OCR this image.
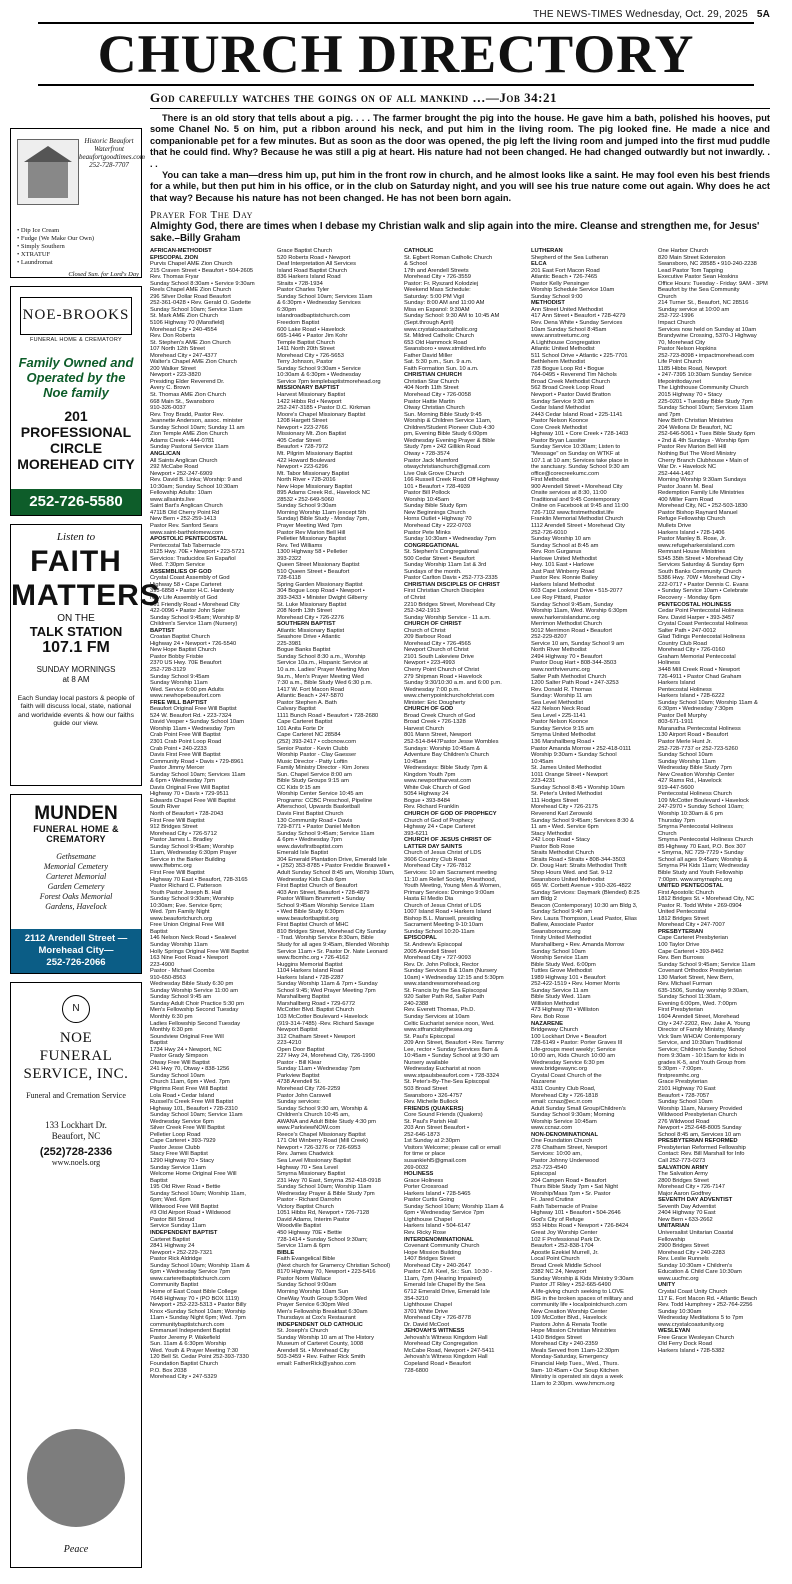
THE NEWS-TIMES Wednesday, Oct. 29, 2025 5A
CHURCH DIRECTORY
God carefully watches the goings on of all mankind …—Job 34:21

There is an old story that tells about a pig. . . . The farmer brought the pig into the house. He gave him a bath, polished his hooves, put some Chanel No. 5 on him, put a ribbon around his neck, and put him in the living room. The pig looked fine. He made a nice and companionable pet for a few minutes. But as soon as the door was opened, the pig left the living room and jumped into the first mud puddle that he could find. Why? Because he was still a pig at heart. His nature had not been changed. He had changed outwardly but not inwardly. . . .

You can take a man—dress him up, put him in the front row in church, and he almost looks like a saint. He may fool even his best friends for a while, but then put him in his office, or in the club on Saturday night, and you will see his true nature come out again. Why does he act that way? Because his nature has not been changed. He has not been born again.

Prayer For The Day
Almighty God, there are times when I debase my Christian walk and slip again into the mire. Cleanse and strengthen me, for Jesus' sake.–Billy Graham
Historic Beaufort
Waterfront
beaufortgoodtimes.com
252-728-7707
• Dip Ice Cream
• Fudge (We Make Our Own)
• Simply Southern
• XTRATUF
• Laundromat
Closed Sun. for Lord's Day
NOE-BROOKS
FUNERAL HOME & CREMATORY
Family Owned and Operated by the Noe family
201 PROFESSIONAL
CIRCLE
MOREHEAD CITY
252-726-5580
Listen to
FAITH
MATTERS
ON THE
TALK STATION
107.1 FM
SUNDAY MORNINGS
at 8 AM
Each Sunday local pastors & people of faith will discuss local, state, national and worldwide events & how our faiths guide our view.
MUNDEN
FUNERAL HOME & CREMATORY
Gethsemane
Memorial Cemetery
Carteret Memorial
Garden Cemetery
Forest Oaks Memorial
Gardens, Havelock
2112 Arendell Street —Morehead City—
252-726-2066
N
NOE
FUNERAL
SERVICE, INC.
Funeral and Cremation Service
133 Lockhart Dr.
Beaufort, NC
(252)728-2336
www.noels.org
Peace
AFRICAN-METHODIST
EPISCOPAL ZION
Purvis Chapel AME Zion Church
215 Craven Street • Beaufort • 504-2605
Rev. Thomas Fryar
Sunday School 8:30am • Service 9:30am
Reels Chapel AME Zion Church
296 Silver Dollar Road Beaufort
252-361-0428 • Rev. Gerald O. Godette
Sunday School 10am; Service 11am
St. Mark AME Zion Church
5106 Highway 70 (Mansfield)
Morehead City • 240-4554
Rev. Don Roberts
St. Stephen's AME Zion Church
107 North 12th Street
Morehead City • 247-4377
Walter's Chapel AME Zion Church
200 Walker Street
Newport • 223-3820
Presiding Elder Reverend Dr.
Avery C. Brown
St. Thomas AME Zion Church
668 Main St., Swansboro
910-326-0037
Rev. Troy Bradd, Pastor Rev.
Jeannette Anderson, assoc. minister
Sunday School 10am; Sunday 11 am
Zion Temple AME Zion Church
Adams Creek • 444-0781
Sunday Pastoral Service 11am
ANGLICAN
All Saints Anglican Church
292 McCabe Road
Newport • 252-247-6909
Rev. David B. Linka; Worship: 9 and
10:30am; Sunday School 10:30am
Fellowship Adults: 10am
www.allsaints.live
Saint Bart's Anglican Church
4711B Old Cherry Point Rd
New Bern • 252-259-1413
Pastor Rev. Sanford Sears
www.saint-bartholomew.com
APOSTOLIC PENTECOSTAL
Pentecostal Tab Tabernacle
8125 Hwy. 70E • Newport • 223-5721
Servicios: Traducidos En Español
Wed. 7:30pm Service
ASSEMBLIES OF GOD
Crystal Coast Assembly of God
Highway 58 • Cape Carteret
393-6858 • Pastor H.C. Hardesty
New Life Assembly of God
301 Friendly Road • Morehead City
422-0096 • Pastor John Spier
Sunday School 9:45am; Worship 8/
Children's Service 11am (Nursery)
BAPTIST
Croatan Baptist Church
Highway 24 • Newport • 726-5540
New Hope Baptist Church
Pastor Bobby Frisbie
2370 US Hwy. 70E Beaufort
252-728-3129
Sunday School 9:45am
Sunday Worship 11am
Wed. Service 6:00 pm Adults
www.newhopebeaufort.com
FREE WILL BAPTIST
Beaufort Original Free Will Baptist
524 W. Beaufort Rd. • 223-7324
David Vesper • Sunday School 10am
Worship 11am • Wednesday 7pm
Crab Point Free Will Baptist
2301 Crab Point Loop Road
Crab Point • 240-2233
Davis First Free Will Baptist
Community Road • Davis • 729-8961
Pastor Jimmy Mercer
Sunday School 10am; Services 11am
& 6pm • Wednesday 7pm
Davis Original Free Will Baptist
Highway 70 • Davis • 729-9511
Edwards Chapel Free Will Baptist
South River
North of Beaufort • 728-2043
First Free Will Baptist
912 Bridges Street
Morehead City • 726-5712
Pastor James L. Bradley
Sunday School 9:45am; Worship
11am, Wednesday 6:30pm Prayer
Service in the Barker Building
www.ffwbmc.org
First Free Will Baptist
Highway 70 East • Beaufort, 728-3165
Pastor Richard C. Patterson
Youth Pastor Joseph B. Hall
Sunday School 9:30am; Worship
10:30am; Eve. Service 6pm;
Wed. 7pm Family Night
www.beaufortchurch.org
Free Union Original Free Will
Baptist
146 Nelson Neck Road • Sealevel
Sunday Worship 11am
Holly Springs Original Free Will Baptist
163 Nine Foot Road • Newport
223-4900
Pastor - Michael Coombs
910-650-8563
Wednesday Bible Study 6:30 pm
Sunday Worship Service 11:00 am
Sunday School 9:45 am
Sunday Adult Choir Practice 5:30 pm
Men's Fellowship Second Tuesday
Monthly 6:30 pm
Ladies Fellowship Second Tuesday
Monthly 6:30 pm
Soundview Original Free Will
Baptist
1734 Hwy 24 • Newport, NC
Pastor Grady Simpson
Otway Free Will Baptist
241 Hwy 70, Otway • 838-1256
Sunday School 10am
Church 11am, 6pm • Wed. 7pm
Pilgrims Rest Free Will Baptist
Lola Road • Cedar Island
Russell's Creek Free Will Baptist
Highway 101, Beaufort • 728-2310
Sunday School 10am; Service 11am
Wednesday Service 6pm
Silver Creek Free Will Baptist
Pelletier Loop Road
Cape Carteret • 393-7929
Pastor Jesse Clubb
Stacy Free Will Baptist
1290 Highway 70 • Stacy
Sunday Service 11am
Welcome Home Original Free Will
Baptist
195 Old River Road • Bettie
Sunday School 10am; Worship 11am,
6pm; Wed. 6pm
Wildwood Free Will Baptist
#3 Old Airport Road • Wildwood
Pastor Bill Stroud
Service Sunday 11am
INDEPENDENT BAPTIST
Carteret Baptist
2841 Highway 24
Newport • 252-229-7321
Pastor Rick Aldridge
Sunday School 10am; Worship 11am &
6pm • Wednesday Service 7pm
www.carteretbaptistchurch.com
Community Baptist
Home of East Coast Bible College
7648 Highway 70 • (PO BOX 1119)
Newport • 252-223-5313 • Pastor Billy
Knox •Sunday School 10am; Worship
11am • Sunday Night 6pm; Wed. 7pm
communitybaptistchurch.com
Emmanuel Independent Baptist
Pastor Jeremy P. Wakefield
Sun. 11am & 6:30pm Worship
Wed. Youth & Prayer Meeting 7:30
120 Bell St. Cedar Point 252-393-7330
Foundation Baptist Church
P.O. Box 2038
Morehead City • 247-5329
Grace Baptist Church
520 Roberts Road • Newport
Deaf Interpretation All Services
Island Road Baptist Church
836 Harkers Island Road
Straits • 728-1934
Pastor Charles Tyler
Sunday School 10am; Services 11am
& 6:30pm • Wednesday Services
6:30pm
islandroadbaptistchurch.com
Freedom Baptist
600 Lake Road • Havelock
665-1446 • Pastor Jim Kohr
Temple Baptist Church
1411 North 20th Street
Morehead City • 726-5653
Terry Johnson, Pastor
Sunday School 9:30am • Service
10:30am & 6:30pm • Wednesday
Service 7pm templebaptistmorehead.org
MISSIONARY BAPTIST
Harvest Missionary Baptist
1422 Hibbs Rd • Newport
252-247-3185 • Pastor D.C. Kirkman
Moore's Chapel Missionary Baptist
1208 Hargett Street
Newport • 223-2766
Missionary Mt. Zion Baptist
405 Cedar Street
Beaufort • 728-7972
Mt. Pilgrim Missionary Baptist
422 Howard Boulevard
Newport • 223-6296
Mt. Tabor Missionary Baptist
North River • 728-2016
New Hope Missionary Baptist
895 Adams Creek Rd., Havelock NC
28532 • 252-649-5060
Sunday School 9:30am
Morning Worship 11am (except 5th
Sunday) Bible Study - Monday 7pm,
Prayer Meeting Wed 7pm
Pastor Rev Marion Bell Hill
Pelletier Missionary Baptist
Rev. Ted Williams
1300 Highway 58 • Pelletier
393-2322
Queen Street Missionary Baptist
510 Queen Street • Beaufort
728-6118
Spring Garden Missionary Baptist
304 Bogue Loop Road • Newport •
393-3433 • Minister Dwight Gilberry
St. Luke Missionary Baptist
208 North 13th Street
Morehead City • 726-2276
SOUTHERN BAPTIST
Atlantic Missionary Baptist
Seashore Drive • Atlantic
225-3981
Bogue Banks Baptist
Sunday School 8:30 a.m., Worship
Service 10a.m., Hispanic Service at
10 a.m. Ladies' Prayer Meeting Mon
9a.m., Men's Prayer Meeting Wed
7:30 a.m., Bible Study Wed 6:30 p.m.
1417 W. Fort Macon Road
Atlantic Beach • 247-5870
Pastor Stephen A. Bath
Calvary Baptist
1111 Bunch Road • Beaufort • 728-2680
Cape Carteret Baptist
101 Anita Forte Dr
Cape Carteret NC 28584
(252) 393-2417 • ccbcnow.com
Senior Pastor - Kevin Clubb
Worship Pastor - Clay Gaesser
Music Director - Patty Loftin
Family Ministry Director - Kim Jones
Sun. Chapel Service 8:00 am
Bible Study Groups 9:15 am
CC Kids 9:15 am
Worship Center Service 10:45 am
Programs: CCBC Preschool, Pipeline
Afterschool, Upwards Basketball
Davis First Baptist Church
130 Community Road • Davis
729-8771 • Pastor Daniel Melton
Sunday School 9:45am; Service 11am
& 6pm • Wednesday 7pm
www.davisfirstbaptist.com
Emerald Isle Baptist
304 Emerald Plantation Drive, Emerald Isle
• (252) 353-8785 • Pastor Freddie Braswell •
Adult Sunday School 8:45 am, Worship 10am,
Wednesday Kids Club 6pm
First Baptist Church of Beaufort
403 Ann Street, Beaufort • 728-4879
Pastor William Brummett • Sunday
School 9:45am Worship Service 11am
• Wed Bible Study 6:30pm
www.beaufortbaptist.org
First Baptist Church of MHC
810 Bridges Street, Morehead City Sunday
- Trad. Worship Service 8:30am, Bible
Study for all ages 9:45am, Blended Worship
Service 11am • Sr. Pastor Dr. Nate Leonard
www.fbcmhc.org • 726-4162
Huggins Memorial Baptist
1104 Harkers Island Road
Harkers Island • 728-2287
Sunday Worship 11am & 7pm • Sunday
School 9:45; Wed Prayer Meeting 7pm
Marshallberg Baptist
Marshallberg Road • 729-6772
McCotter Blvd. Baptist Church
103 McCotter Boulevard • Havelock
(919-314-7485) -Rev. Richard Savage
Newport Baptist
312 Chatham Street • Newport
223-4210
Open Door Baptist
227 Hwy 24, Morehead City, 726-1990
Pastor - Bill Klear
Sunday 11am • Wednesday 7pm
Parkview Baptist
4738 Arendell St.
Morehead City 726-2259
Pastor John Carswell
Sunday services:
Sunday School 9:30 am, Worship &
Children's Church 10:45 am,
AWANA and Adult Bible Study 4:30 pm
www.ParkviewNOW.com
Reece's Chapel Missionary Baptist
171 Old Winberry Road (Mill Creek)
Newport • 726-3276 or 726-6953
Rev. James Chadwick
Sea Level Missionary Baptist
Highway 70 • Sea Level
Smyrna Missionary Baptist
231 Hwy 70 East, Smyrna 252-418-0918
Sunday School 10am; Worship 11am
Wednesday Prayer & Bible Study 7pm
Pastor - Richard Darrohn
Victory Baptist Church
1051 Hibbs Rd, Newport • 726-7128
David Adams, Interim Pastor
Woodville Baptist
450 Highway 70E • Bettie
728-1414 • Sunday School 9:30am;
Service 11am & 6pm
BIBLE
Faith Evangelical Bible
(Next church for Gramercy Christian School)
8170 Highway 70, Newport • 223-5416
Pastor Norm Wallace
Sunday School 9:00am
Morning Worship 10am Sun
OneWay Youth Group 5:30pm Wed
Prayer Service 6:30pm Wed
Men's Fellowship Breakfast 6:30am
Thursdays at Cox's Restaurant
INDEPENDENT OLD CATHOLIC
St. Joseph's Church
Sunday Worship 10 am at The History
Museum of Carteret County, 1008
Arendell St. • Morehead City
503-3459 • Rev. Father Rick Smith
email: FatherRick@yahoo.com
CATHOLIC
St. Egbert Roman Catholic Church
& School
17th and Arendell Streets
Morehead City • 726-3559
Pastor: Fr. Ryszard Kolodziej
Weekend Mass Schedule:
Saturday: 5:00 PM Vigil
Sunday: 8:00 AM and 11:00 AM
Misa en Espanol: 9:30AM
Sunday School: 9:30 AM to 10:45 AM
(Sept.through April)
www.crystalcoastcatholic.org
St. Mildred Catholic Church
653 Old Hammock Road
Swansboro • www.stmildred.info
Father David Miller
Sat. 5:30 p.m., Sun. 9 a.m.
Faith Formation Sun. 10 a.m.
CHRISTIAN CHURCH
Christian Star Church
404 North 11th Street
Morehead City • 726-0058
Pastor Hattie Martin
Otway Christian Church
Sun. Morning Bible Study 9:45
Worship & Children Service 11am,
Children/Student Pioneer Club 4:30
pm, Evening Bible Study 6:00pm
Wednesday Evening Prayer & Bible
Study 7pm • 242 Gillikin Road
Otway • 728-3574
Pastor Jack Mumford
otwaychristianchurch@gmail.com
Live Oak Grove Church
166 Russell Creek Road Off Highway
101 • Beaufort • 728-4939
Pastor Bill Pollock
Worship 10:45am
Sunday Bible Study 6pm
New Beginnings Church
Horns Outlet • Highway 70
Morehead City • 222-0703
Pastor Pete Minks
Sunday 10:30am • Wednesday 7pm
CONGREGATIONAL
St. Stephen's Congregational
500 Cedar Street • Beaufort
Sunday Worship 11am 1st & 3rd
Sundays of the month.
Pastor Carlton Davis • 252-773-2335
CHRISTIAN DISCIPLES OF CHRIST
First Christian Church Disciples
of Christ
2210 Bridges Street, Morehead City
252-342-1913
Sunday Worship Service - 11 a.m.
CHURCH OF CHRIST
Church of Christ
209 Barbour Road
Morehead City • 726-4565
Newport Church of Christ
2101 South Lakeview Drive
Newport • 223-4993
Cherry Point Church of Christ
279 Shipman Road • Havelock
Sunday 9:30/10:30 a.m. and 6:00 p.m.
Wednesday 7:00 p.m.
www.cherrypointchurchofchrist.com
Minister: Eric Dougherty
CHURCH OF GOD
Broad Creek Church of God
Broad Creek • 726-1328
Harvest Church
801 Mann Street, Newport
252-514-8447Pastor Jesse Wombles
Sundays: Worship 10:45am &
Adventure Bay Children's Church
10:45am
Wednesdays: Bible Study 7pm &
Kingdom Youth 7pm
www.newporttharvest.com
White Oak Church of God
5054 Highway 24
Bogue • 393-8484
Rev. Richard Franklin
CHURCH OF GOD OF PROPHECY
Church of God of Prophecy
Highway 24 • Cape Carteret
393-6211
CHURCH OF JESUS CHRIST OF
LATTER DAY SAINTS
Church of Jesus Christ of LDS
3606 Country Club Road
Morehead City • 726-7812
Services: 10 am Sacrament meeting
11:10 am Relief Society, Priesthood,
Youth Meeting, Young Men & Women,
Primary Services: Domingo 9:00am
Hasta El Medio Dia
Church of Jesus Christ of LDS
1007 Island Road • Harkers Island
Bishop B.L. Mansell, presiding
Sacrament Meeting 9-10:10am
Sunday School 10:20-11am
EPISCOPAL
St. Andrew's Episcopal
2005 Arendell Street
Morehead City • 727-9093
Rev. Dr. John Pollock, Rector
Sunday Services 8 & 10am (Nursery
10am) • Wednesday 12:15 and 5:30pm
www.standrewsmorehead.org
St. Francis by the Sea Episcopal
920 Salter Path Rd, Salter Path
240-2388
Rev. Everett Thomas, Ph.D.
Sunday Services at 10am
Celtic Eucharist service noon, Wed.
www.stfrancisbythesea.org
St. Paul's Episcopal
209 Ann Street, Beaufort • Rev. Tammy
Lee, rector • Sunday Services 8am &
10:45am • Sunday School at 9:30 am
Nursery available
Wednesday Eucharist at noon
www.stpaulsbeaufort.com • 728-3324
St. Peter's-By-The-Sea Episcopal
503 Broad Street
Swansboro • 326-4757
Rev. Michelle Bullock
FRIENDS (QUAKERS)
Core Sound Friends (Quakers)
St. Paul's Parish Hall
203 Ann Street Beaufort •
252-646-1873
1st Sunday at 2:30pm
Visitors Welcome; please call or email
for time or place
susankiehl5@gmail.com
269-0032
HOLINESS
Grace Holiness
Porter Crossroad
Harkers Island • 728-5465
Pastor Curtis Going
Sunday School 10am; Worship 11am &
6pm • Wednesday Service 7pm
Lighthouse Chapel
Harkers Island • 504-6147
Rev. Ricky Rose
INTERDENOMINATIONAL
Covenant Community Church
Hope Mission Building
1407 Bridges Street
Morehead City • 240-2647
Pastor C.M. Keel, Sr.: Sun. 10:30 -
11am, 7pm (Hearing Impaired)
Emerald Isle Chapel By the Sea
6712 Emerald Drive, Emerald Isle
354-3210
Lighthouse Chapel
3701 White Drive
Morehead City • 726-8778
Dr. David McCoot
JEHOVAH'S WITNESS
Jehovah's Witness Kingdom Hall
Morehead City Congregation
McCabe Road, Newport • 247-5411
Jehovah's Witness Kingdom Hall
Copeland Road • Beaufort
728-6800
LUTHERAN
Shepherd of the Sea Lutheran
ELCA
201 East Fort Macon Road
Atlantic Beach • 726-7465
Pastor Kelly Pensinger
Worship Schedule Service 10am
Sunday School 9:00
METHODIST
Ann Street United Methodist
417 Ann Street • Beaufort • 728-4279
Rev. Dena White • Sunday Services
10am Sunday School 8:45am
www.annstreetumc.org
A Lighthouse Congregation
Atlantic United Methodist
511 School Drive • Atlantic • 225-7701
Bethlehem Methodist
728 Bogue Loop Rd • Bogue
764-0495 • Reverend Tim Nichols
Broad Creek Methodist Church
562 Broad Creek Loop Road
Newport • Pastor David Bratton
Sunday Service 9:30 am
Cedar Island Methodist
2443 Cedar Island Road • 225-1141
Pastor Nelson Koonce
Core Creek Methodist
Highway 101 • Core Creek • 728-1403
Pastor Bryan Lassiter
Sunday Service 10:30am; Listen to
"Message" on Sunday on WTKF at
107.1 at 10 am; Services take place in
the sanctuary. Sunday School 9:30 am
office@corecreekumc.com
First Methodist
900 Arendell Street • Morehead City
Onsite services at 8:30, 11:00
Traditional and 9:45 Contemporary
Online on Facebook at 9:45 and 11:00
726-7102 www.firstmethodist.life
Franklin Memorial Methodist Church
1112 Arendell Street • Morehead City
252-726-6010
Sunday Worship 10 am
Sunday School at 8:45 am
Rev. Ron Gurganus
Harlowe United Methodist
Hwy. 101 East • Harlowe
Just Past Winberry Road
Pastor Rev. Ronnie Bailey
Harkers Island Methodist
603 Cape Lookout Drive • 515-2077
Lee Roy Pittard, Pastor
Sunday School 9:45am, Sunday
Worship 11am, Wed. Worship 6:30pm
www.harkersislandumc.org
Merrimon Methodist Church
5012 Merrimon Road • Beaufort
252-229-8207
Service 10 am, Sunday School 9 am
North River Methodist
2494 Highway 70 • Beaufort
Pastor Doug Hart • 808-344-3503
www.northriverumc.org
Salter Path Methodist Church
1200 Salter Path Road • 247-3253
Rev. Donald R. Thomas
Sunday: Worship 11 am
Sea Level Methodist
422 Nelson Neck Road
Sea Level • 225-1141
Pastor Nelson Koonce
Sunday Service 9:15 am
Smyrna United Methodist
136 Marshallberg Road •
Pastor Amanda Morrow • 252-418-0111
Worship 9:30am • Sunday School
10:45am
St. James United Methodist
1011 Orange Street • Newport
223-4231
Sunday School 8:45 • Worship 10am
St. Peter's United Methodist
111 Hodges Street
Morehead City • 726-2175
Reverend Karl Zerowski
Sunday School 9:45am; Services 8:30 &
11 am • Wed. Service 6pm
Stacy Methodist
242 Loop Road • Stacy
Pastor Bob Rose
Straits Methodist Church
Straits Road • Straits • 808-344-3503
Dr. Doug Hart: Straits Methodist Thrift
Shop Hours Wed. and Sat. 9-12
Swansboro United Methodist
665 W. Corbett Avenue • 910-326-4822
Sunday Services: Daymark (Blended) 8:25
am Bldg 2
Beacon (Contemporary) 10:30 am Bldg 3,
Sunday School 9:40 am
Rev. Laura Thompson, Lead Pastor, Elias
Ballew, Associate Pastor
Swansboroumc.org
Trinity United Methodist
Marshallberg • Rev. Amanda Morrow
Sunday School 10am
Worship Service 11am
Bible Study Wed. 6:00pm
Tuttles Grove Methodist
1989 Highway 101 • Beaufort
252-422-1519 • Rev. Homer Morris
Sunday Service 11 am
Bible Study Wed. 11am
Williston Methodist
473 Highway 70 • Williston
Rev. Bob Rose
NAZARENE
Bridgeway Church
100 Lockhart Drive • Beaufort
728-6149 • Pastor: Porter Graves III
Life-groups meet weekly; Service
10:00 am, Kids Church 10:00 am
Wednesday Service 6:30 pm
www.bridgewaync.org
Crystal Coast Church of the
Nazarene
4311 Country Club Road,
Morehead City • 726-1818
email: ccnaz@ec.rr.com
Adult Sunday Small Group/Children's
Sunday School 9:30am; Morning
Worship Service 10:45am
www.ccnaz.com
NON-DENOMINATIONAL
One Foundation Church
278 Chatham Street, Newport
Services: 10:00 am,
Pastor Johnny Underwood
252-723-4540
Episcopal
204 Campen Road • Beaufort
Thurs Bible Study 7pm • Sat Night
Worship/Mass 7pm • Sr. Pastor
Fr. Jared Crutins
Faith Tabernacle of Praise
Highway 101 • Beaufort • 504-2646
God's City of Refuge
953 Hibbs Road • Newport • 726-8424
Great Joy Worship Center
102 F Professional Park Dr.
Beaufort • 252-838-1704
Apostle Ezekiel Murrell, Jr.
Local Point Church
Broad Creek Middle School
2382 NC 24, Newport
Sunday Worship & Kids Ministry 9:30am
Pastor JT Riley • 252-665-6490
A life-giving church seeking to LOVE
BIG in the broken spaces of military and
community life • localpointchurch.com
New Creation Worship Center
109 McCotter Blvd., Havelock
Pastors John & Renata Tootle
Hope Mission Christian Ministries
1410 Bridges Street
Morehead City • 240-2359
Meals Served from 11am-12:30pm
Monday-Saturday, Emergency
Financial Help Tues., Wed., Thurs.
9am- 10:45am • Our Soup Kitchen
Ministry is operated six days a week
11am to 2:30pm. www.hmcm.org
One Harbor Church
820 Main Street Extension
Swansboro, NC 28585 • 910-240-2238
Lead Pastor Tom Tapping
Executive Pastor Sean Hoskins
Office Hours: Tuesday - Friday: 9AM - 3PM
Beaufort by the Sea Community
Church
214 Turner St., Beaufort, NC 28516
Sunday service at 10:00 am
252-722-1996
Impact Church
Services now held on Sunday at 10am
Brandywine Crossing, 5370-J Highway
70, Morehead City
Pastor Nelson Hopkins
252-723-8098 • impactmorehead.com
Life Point Church
1185 Hibbs Road, Newport
• 247-7395 10:30am Sunday Service
lifepointtoday.net
The Lighthouse Community Church
2015 Highway 70 • Stacy
225-0201 • Tuesday Bible Study 7pm
Sunday School 10am; Services 11am
and 7pm
New Birth Christian Ministries
204 Wellons Dr Beaufort, NC
252-646-5061 • Tues Bible Study 6pm
• 2nd & 4th Sundays - Worship 6pm
Pastor Rev Marion Bell Hill
Nothing But The Word Ministry
Cherry Branch Clubhouse • Main of
War Dr. • Havelock NC
252-444-1467
Morning Worship 9:30am Sundays
Pastor Joann M. Beal
Redemption Family Life Ministries
400 Miller Farm Road
Morehead City, NC • 252-503-1830
Pastor Bishop Raynard Manuel
Refuge Fellowship Church
Mullets Drive
Harkers Island • 728-1406
Pastor Manley B. Rose, Jr.
www.refugeharkersisland.com
Remnant House Ministries
5345 35th Street • Morehead City
Services Saturday & Sunday 6pm
South Banks Community Church
5386 Hwy. 70W • Morehead City •
222-0717 • Pastor Dennis C. Evans
• Sunday Service 10am • Celebrate
Recovery - Monday 6pm
PENTECOSTAL HOLINESS
Cedar Point Pentecostal Holiness
Rev. David Harper • 393-3457
Crystal Coast Pentecostal Holiness
Salter Path • 247-0012
Glad Tidings Pentecostal Holiness
Country Club Road
Morehead City • 726-0160
Graham Memorial Pentecostal
Holiness
3448 Mill Creek Road • Newport
726-4911 • Pastor Chad Graham
Harkers Island
Pentecostal Holiness
Harkers Island • 728-6222
Sunday School 10am; Worship 11am &
6:30pm • Wednesday 7:30pm
Pastor Dell Murphy
803-671-1911
Maranatha Pentecostal Holiness
130 Airport Road • Beaufort
Pastor Merle Hunt Jr.
252-728-7737 or 252-723-5260
Sunday School 10am
Sunday Worship 11am
Wednesday Bible Study 7pm
New Creation Worship Center
427 Rams Rd., Havelock
919-447-5600
Pentecostal Holiness Church
109 McCotter Boulevard • Havelock
247-2970 • Sunday School 10am;
Worship 10:30am & 6 pm
Thursday 7pm
Smyrna Pentecostal Holiness
Church
Smyrna Pentecostal Holiness Church
85 Highway 70 East, P.O. Box 307
• Smyrna, NC 729-7729 • Sunday
School all ages 9:45am; Worship &
Smyrna PH Kids 11am; Wednesday
Bible Study and Youth Fellowship
7:00pm. www.smyrnaphc.org
UNITED PENTECOSTAL
First Apostolic Church
1812 Bridges St. • Morehead City, NC
Pastor R. Todd White • 269-0904
United Pentecostal
1812 Bridges Street
Morehead City • 247-7007
PRESBYTERIAN
Cape Carteret Presbyterian
100 Taylor Drive
Cape Carteret • 393-8462
Rev. Ben Burrows
Sunday School 9:45am; Service 11am
Covenant Orthodox Presbyterian
130 Market Street, New Bern,
Rev. Michael Furman
635-1506, Sunday worship 9:30am,
Sunday School 11:30am,
Evening 6:00pm, Wed. 7:00pm
First Presbyterian
1604 Arendell Street, Morehead
City • 247-2202, Rev. Jake A. Young
Director of Family Ministry, Mandy
Vick 9am WHOA! Contemporary
Service, and 10:30am Traditional
Service; Children's Sunday School
from 9:30am - 10:15am for kids in
grades K-5, and Youth Group from
5:30pm - 7:00pm.
firstpresmhc.org
Grace Presbyterian
2101 Highway 70 East
Beaufort • 728-7057
Sunday School 10am
Worship 11am, Nursery Provided
Wildwood Presbyterian Church
276 Wildwood Road
Newport • 252-648-8005 Sunday
School 8:45 am, Services 10 am
PRESBYTERIAN REFORMED
Presbyterian Reformed Fellowship
Contact: Rev. Bill Marshall for Info
Call 252-773-0273
SALVATION ARMY
The Salvation Army
2800 Bridges Street
Morehead City • 726-7147
Major Aaron Godfrey
SEVENTH DAY ADVENTIST
Seventh Day Adventist
2404 Highway 70 East
New Bern • 633-2662
UNITARIAN
Universalist Unitarian Coastal
Fellowship
2900 Bridges Street
Morehead City • 240-2283
Rev. Leslie Runnels
Sunday 10:30am • Children's
Education & Child Care 10:30am
www.uucfnc.org
UNITY
Crystal Coast Unity Church
117 E. Fort Macon Rd. • Atlantic Beach
Rev. Todd Humphrey • 252-764-2256
Sunday 10:30am
Wednesday Meditations 5 to 7pm
www.crystalcoastunity.org
WESLEYAN
Free Grace Wesleyan Church
Old Ferry Dock Road
Harkers Island • 728-5382
